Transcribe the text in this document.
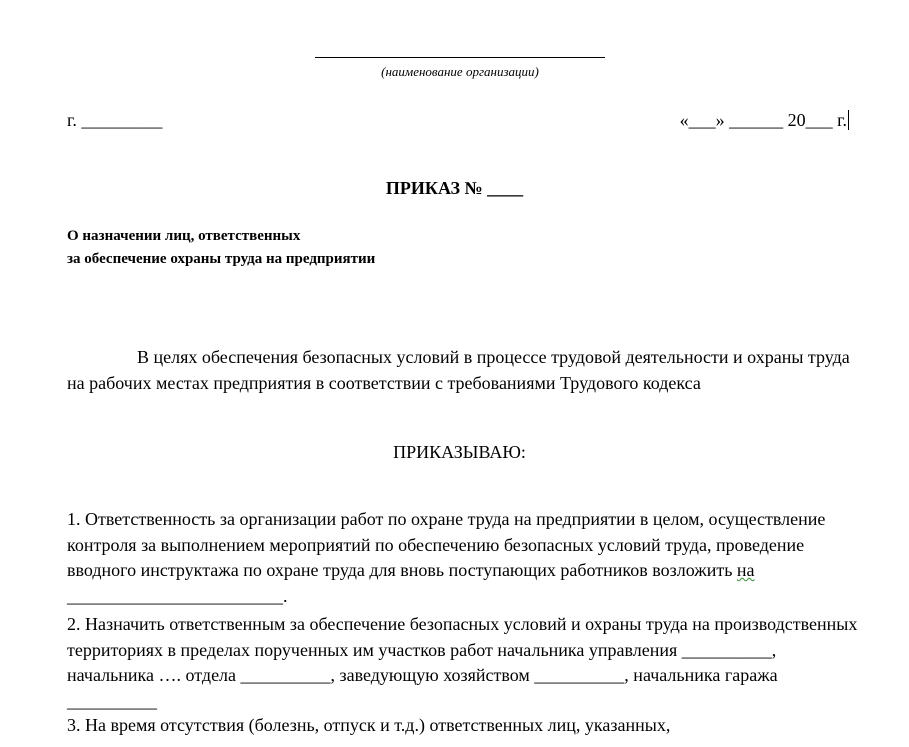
(наименование организации)
г. _________	«___» ______ 20___ г.
ПРИКАЗ № ____
О назначении лиц, ответственных
за обеспечение охраны труда на предприятии
В целях обеспечения безопасных условий в процессе трудовой деятельности и охраны труда на рабочих местах предприятия в соответствии с требованиями Трудового кодекса
ПРИКАЗЫВАЮ:
1. Ответственность за организации работ по охране труда на предприятии в целом, осуществление контроля за выполнением мероприятий по обеспечению безопасных условий труда, проведение вводного инструктажа по охране труда для вновь поступающих работников возложить на ________________________.
2. Назначить ответственным за обеспечение безопасных условий и охраны труда на производственных территориях в пределах порученных им участков работ начальника управления __________, начальника …. отдела __________, заведующую хозяйством __________, начальника гаража __________
3. На время отсутствия (болезнь, отпуск и т.д.) ответственных лиц, указанных,
